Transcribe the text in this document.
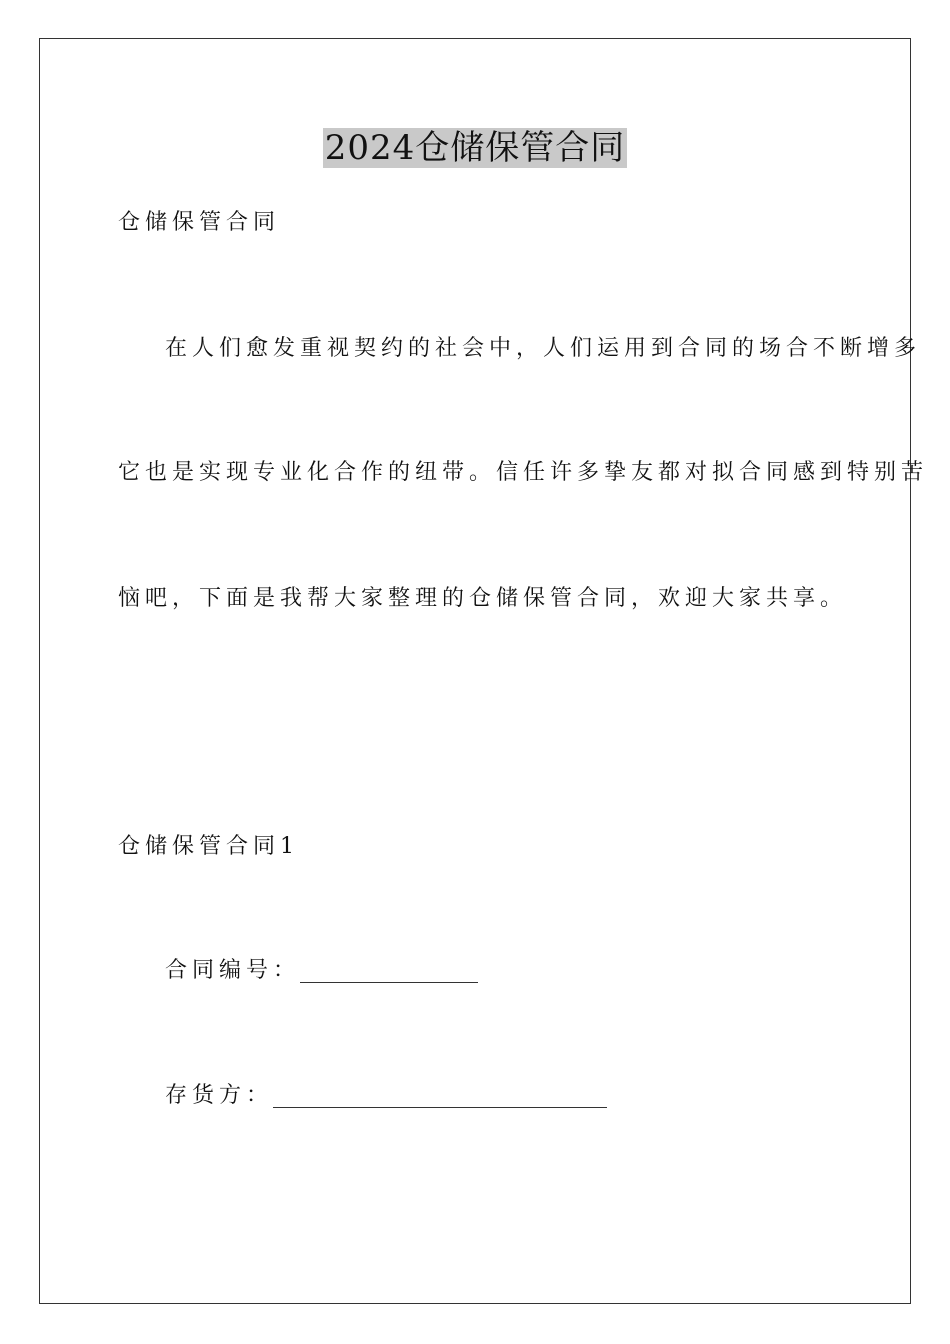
2024仓储保管合同
仓储保管合同
在人们愈发重视契约的社会中，人们运用到合同的场合不断增多
它也是实现专业化合作的纽带。信任许多挚友都对拟合同感到特别苦
恼吧，下面是我帮大家整理的仓储保管合同，欢迎大家共享。
仓储保管合同1
合同编号：
存货方：
